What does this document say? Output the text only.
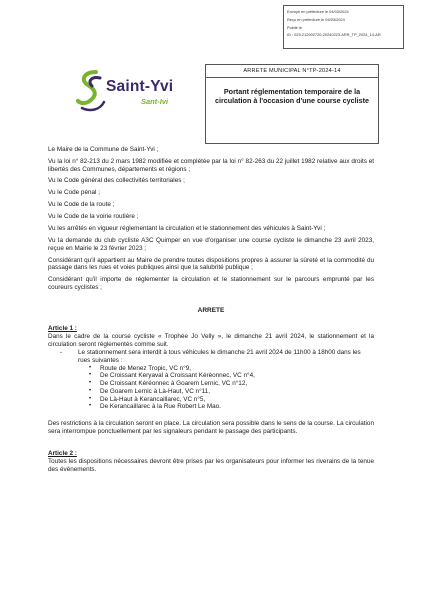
Envoyé en préfecture le 04/03/2024
Reçu en préfecture le 04/03/2024
Publié le
ID : 029-212902720-20240223-ARR_TP_2024_14-AR
Saint-Yvi
Sant-Ivi
ARRETE MUNICIPAL N°TP-2024-14
Portant réglementation temporaire de la circulation à l'occasion d'une course cycliste

Le Maire de la Commune de Saint-Yvi ;

Vu la loi n° 82-213 du 2 mars 1982 modifiée et complétée par la loi n° 82-263 du 22 juillet 1982 relative aux droits et libertés des Communes, départements et régions ;

Vu le Code général des collectivités territoriales ;

Vu le Code pénal ;

Vu le Code de la route ;

Vu le Code de la voirie routière ;

Vu les arrêtés en vigueur réglementant la circulation et le stationnement des véhicules à Saint-Yvi ;

Vu la demande du club cycliste A3C Quimper en vue d'organiser une course cycliste le dimanche 23 avril 2023, reçue en Mairie le 23 février 2023 ;

Considérant qu'il appartient au Maire de prendre toutes dispositions propres à assurer la sûreté et la commodité du passage dans les rues et voies publiques ainsi que la salubrité publique ;

Considérant qu'il importe de réglementer la circulation et le stationnement sur le parcours emprunté par les coureurs cyclistes ;

ARRETE

Article 1 :

Dans le cadre de la course cycliste « Trophée Jo Velly », le dimanche 21 avril 2024, le stationnement et la circulation seront réglementés comme suit.

-	Le stationnement sera interdit à tous véhicules le dimanche 21 avril 2024 de 11h00 à 18h00 dans les rues suivantes :
•	Route de Menez Tropic, VC n°9,
•	De Croissant Keryaval à Croissant Kéréonnec, VC n°4,
•	De Croissant Kéréonnec à Goarem Lernic, VC n°12,
•	De Goarem Lernic à Là-Haut, VC n°11,
•	De Là-Haut à Kerancaillarec, VC n°5,
•	De Kerancaillarec à la Rue Robert Le Mao.

Des restrictions à la circulation seront en place. La circulation sera possible dans le sens de la course. La circulation sera interrompue ponctuellement par les signaleurs pendant le passage des participants.

Article 2 :

Toutes les dispositions nécessaires devront être prises par les organisateurs pour informer les riverains de la tenue des évènements.
